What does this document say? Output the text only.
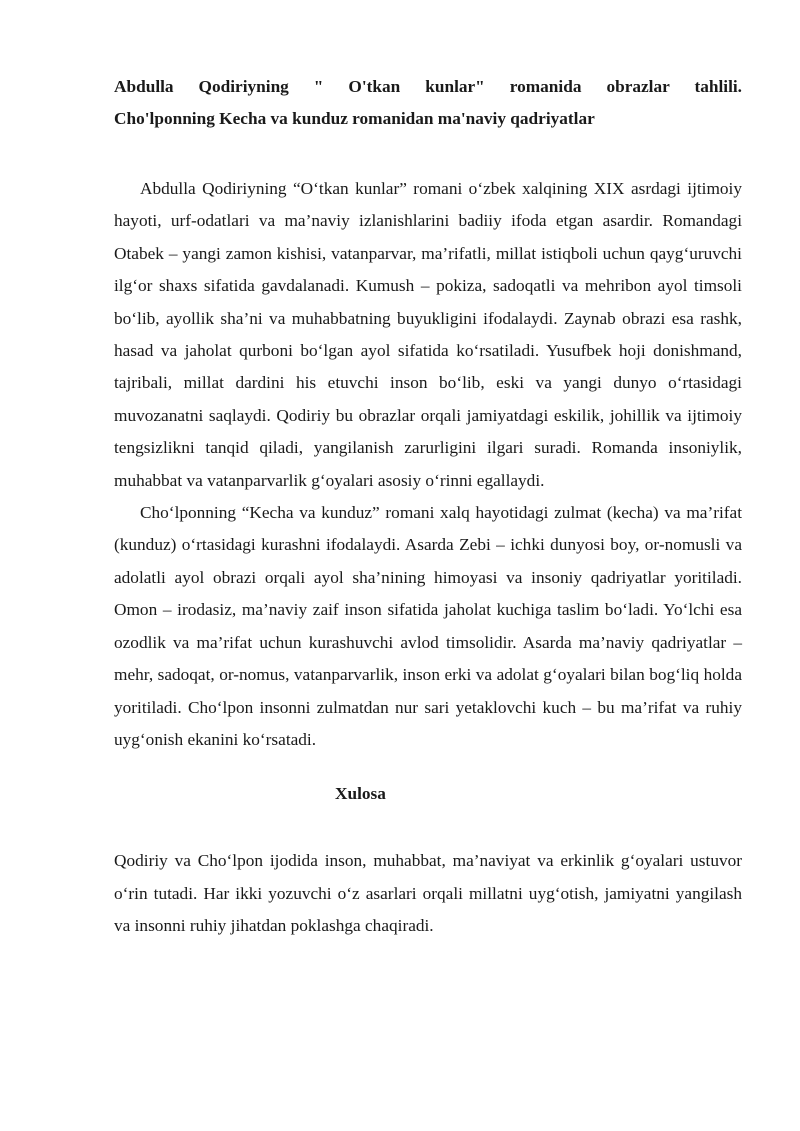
Abdulla Qodiriyning " O'tkan kunlar" romanida obrazlar tahlili.
Cho'lponning Kecha va kunduz romanidan ma'naviy qadriyatlar

Abdulla Qodiriyning “O‘tkan kunlar” romani o‘zbek xalqining XIX asrdagi ijtimoiy hayoti, urf-odatlari va ma’naviy izlanishlarini badiiy ifoda etgan asardir. Romandagi Otabek – yangi zamon kishisi, vatanparvar, ma’rifatli, millat istiqboli uchun qayg‘uruvchi ilg‘or shaxs sifatida gavdalanadi. Kumush – pokiza, sadoqatli va mehribon ayol timsoli bo‘lib, ayollik sha’ni va muhabbatning buyukligini ifodalaydi. Zaynab obrazi esa rashk, hasad va jaholat qurboni bo‘lgan ayol sifatida ko‘rsatiladi. Yusufbek hoji donishmand, tajribali, millat dardini his etuvchi inson bo‘lib, eski va yangi dunyo o‘rtasidagi muvozanatni saqlaydi. Qodiriy bu obrazlar orqali jamiyatdagi eskilik, johillik va ijtimoiy tengsizlikni tanqid qiladi, yangilanish zarurligini ilgari suradi. Romanda insoniylik, muhabbat va vatanparvarlik g‘oyalari asosiy o‘rinni egallaydi.

Cho‘lponning “Kecha va kunduz” romani xalq hayotidagi zulmat (kecha) va ma’rifat (kunduz) o‘rtasidagi kurashni ifodalaydi. Asarda Zebi – ichki dunyosi boy, or-nomusli va adolatli ayol obrazi orqali ayol sha’nining himoyasi va insoniy qadriyatlar yoritiladi. Omon – irodasiz, ma’naviy zaif inson sifatida jaholat kuchiga taslim bo‘ladi. Yo‘lchi esa ozodlik va ma’rifat uchun kurashuvchi avlod timsolidir. Asarda ma’naviy qadriyatlar – mehr, sadoqat, or-nomus, vatanparvarlik, inson erki va adolat g‘oyalari bilan bog‘liq holda yoritiladi. Cho‘lpon insonni zulmatdan nur sari yetaklovchi kuch – bu ma’rifat va ruhiy uyg‘onish ekanini ko‘rsatadi.

Xulosa

Qodiriy va Cho‘lpon ijodida inson, muhabbat, ma’naviyat va erkinlik g‘oyalari ustuvor o‘rin tutadi. Har ikki yozuvchi o‘z asarlari orqali millatni uyg‘otish, jamiyatni yangilash va insonni ruhiy jihatdan poklashga chaqiradi.
